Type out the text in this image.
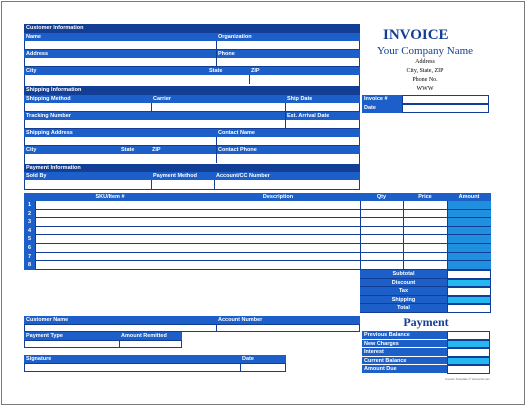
Customer Information
Name	Organization
Address	Phone
City	State	ZIP
Shipping Information
Shipping Method	Carrier	Ship Date
Tracking Number	Est. Arrival Date
Shipping Address	Contact Name
City	State	ZIP	Contact Phone
Payment Information
Sold By	Payment Method	Account/CC Number
INVOICE
Your Company Name
Address
City, State, ZIP
Phone No.
WWW
Invoice #
Date
SKU/Item #	Description	Qty	Price	Amount
1
2
3
4
5
6
7
8
Subtotal
Discount
Tax
Shipping
Total
Customer Name	Account Number
Payment Type	Amount Remitted
Signature	Date
Payment
Previous Balance
New Charges
Interest
Current Balance
Amount Due
Invoice Template © Vertex42.com
